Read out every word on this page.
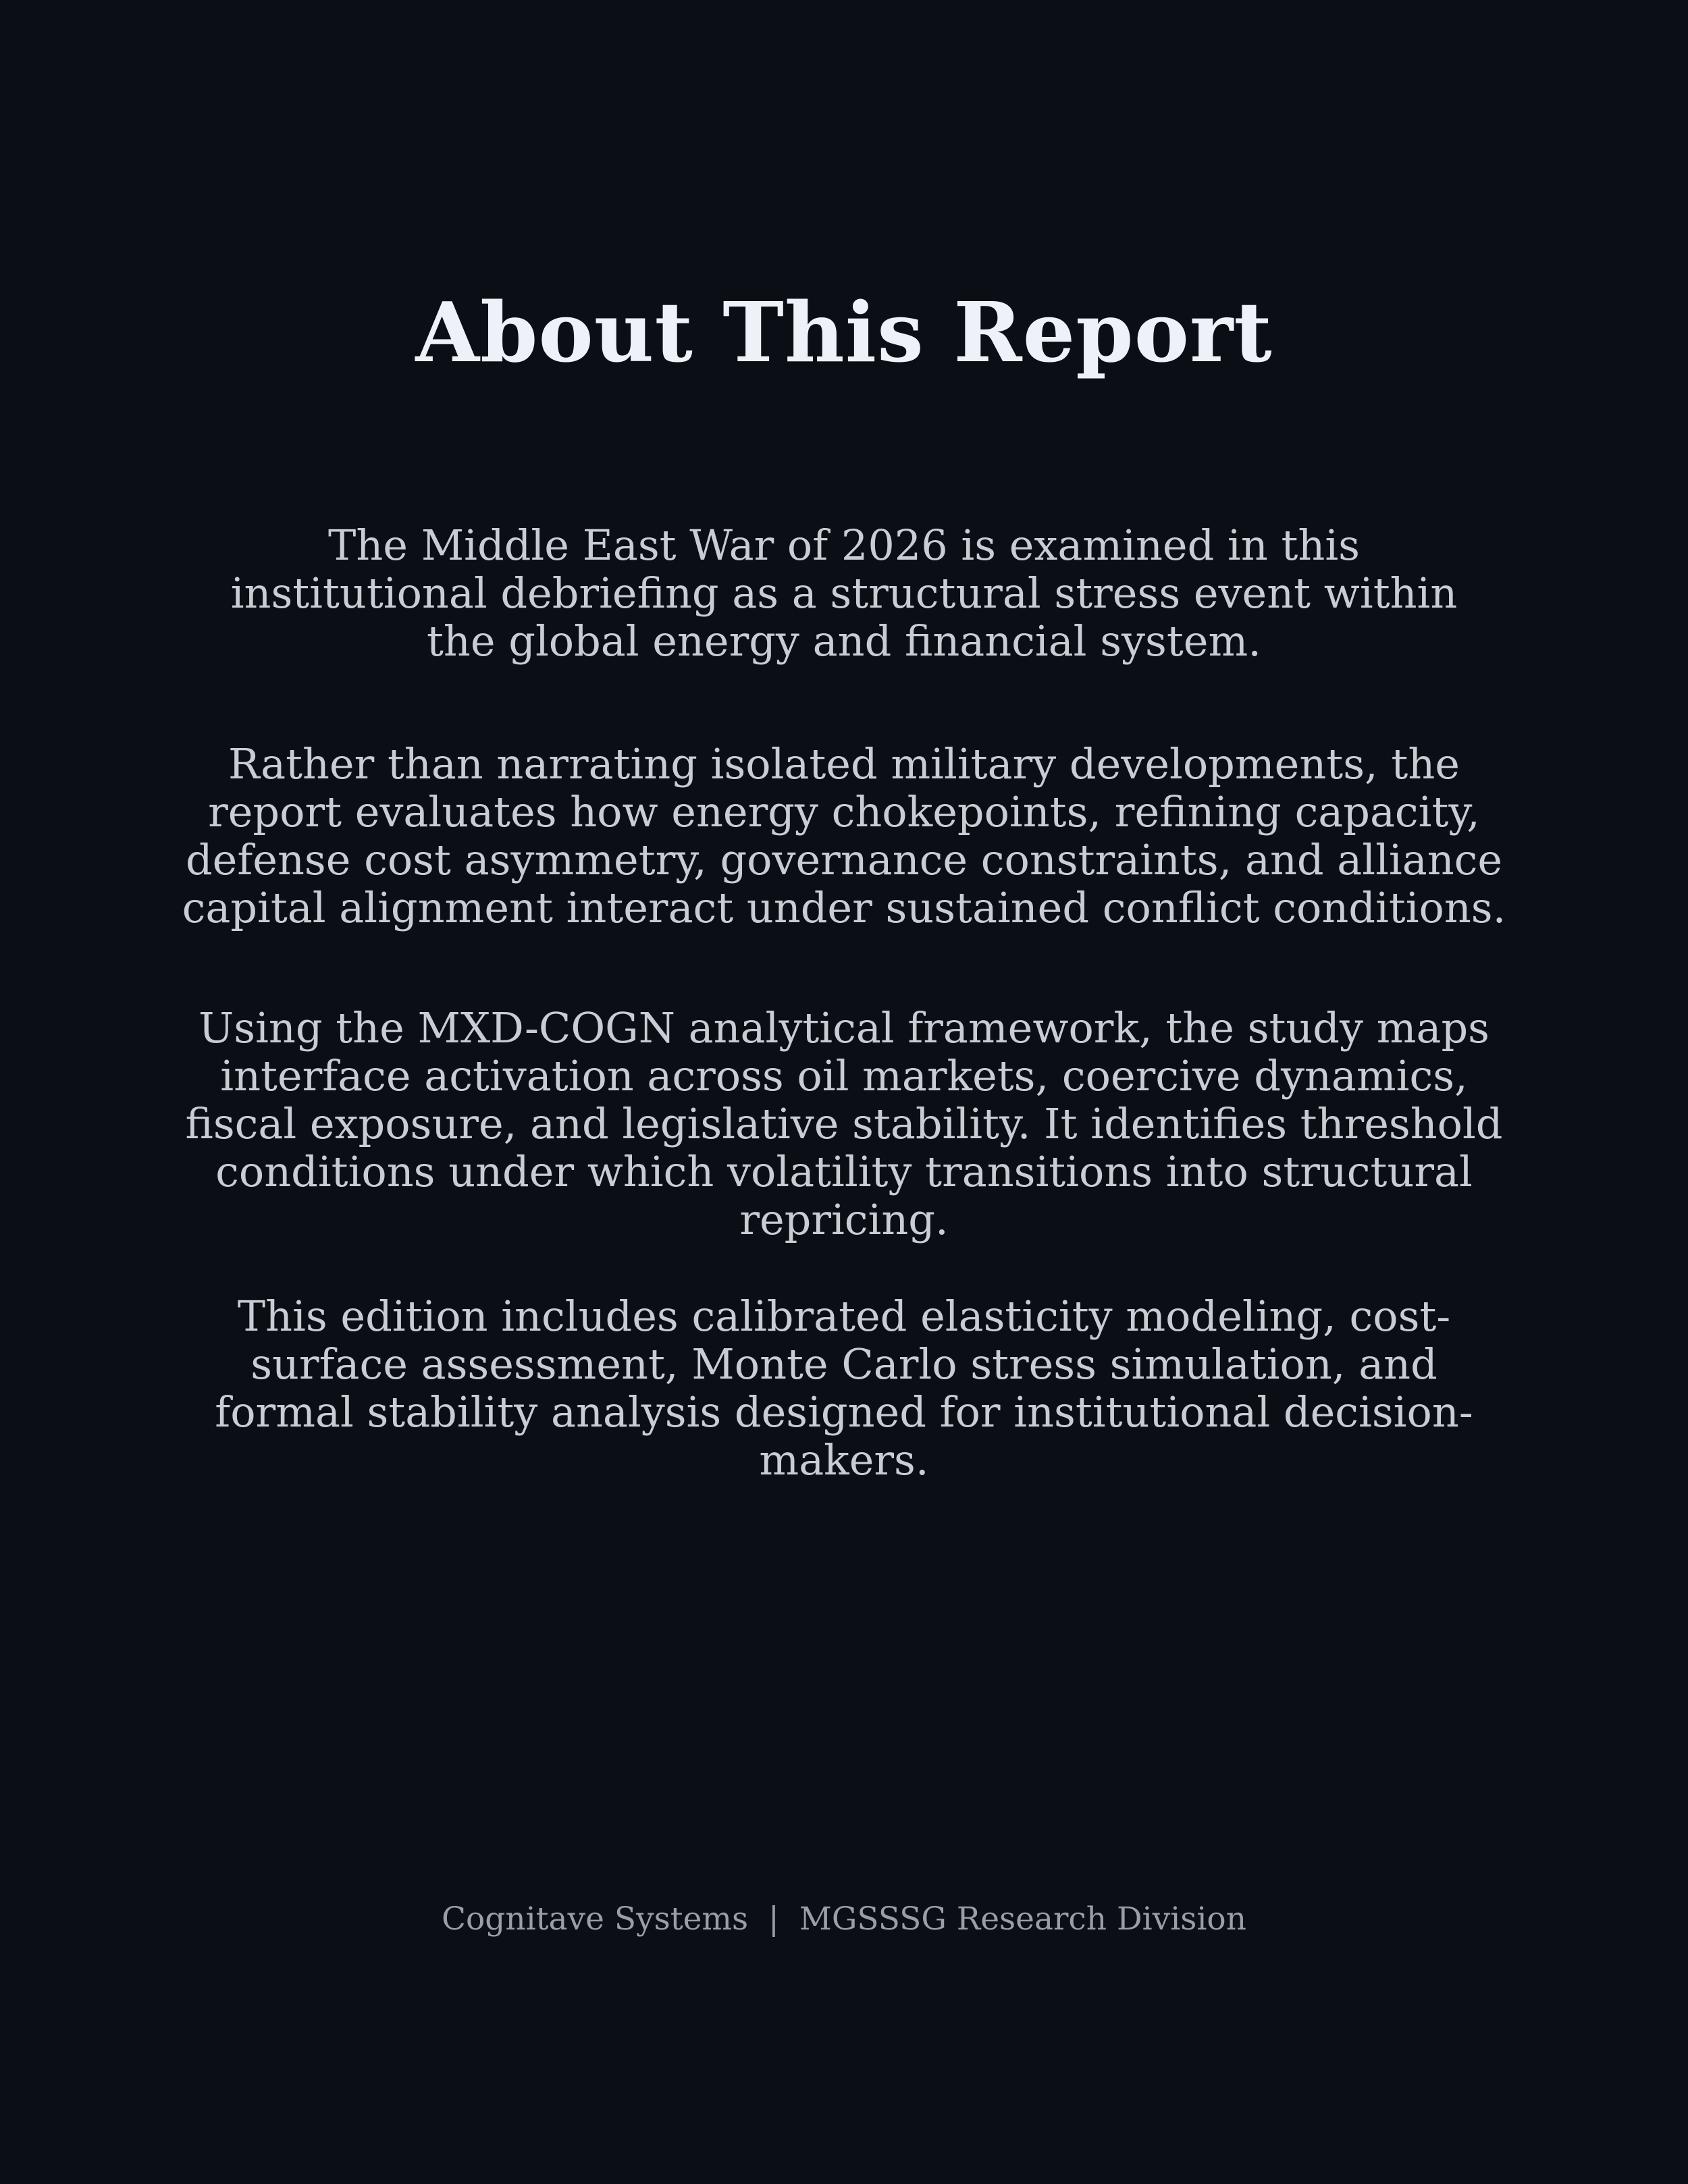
About This Report

The Middle East War of 2026 is examined in this institutional debriefing as a structural stress event within the global energy and financial system.

Rather than narrating isolated military developments, the report evaluates how energy chokepoints, refining capacity, defense cost asymmetry, governance constraints, and alliance capital alignment interact under sustained conflict conditions.

Using the MXD-COGN analytical framework, the study maps interface activation across oil markets, coercive dynamics, fiscal exposure, and legislative stability. It identifies threshold conditions under which volatility transitions into structural repricing.

This edition includes calibrated elasticity modeling, cost-surface assessment, Monte Carlo stress simulation, and formal stability analysis designed for institutional decision-makers.

Cognitave Systems  |  MGSSSG Research Division
